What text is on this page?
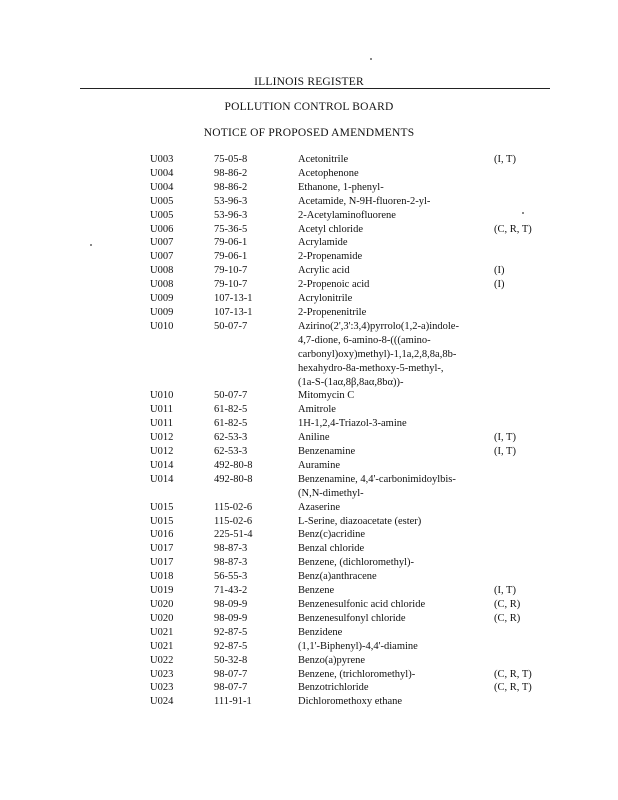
ILLINOIS REGISTER
POLLUTION CONTROL BOARD
NOTICE OF PROPOSED AMENDMENTS
U003	75-05-8	Acetonitrile	(I, T)
U004	98-86-2	Acetophenone	
U004	98-86-2	Ethanone, 1-phenyl-	
U005	53-96-3	Acetamide, N-9H-fluoren-2-yl-	
U005	53-96-3	2-Acetylaminofluorene	
U006	75-36-5	Acetyl chloride	(C, R, T)
U007	79-06-1	Acrylamide	
U007	79-06-1	2-Propenamide	
U008	79-10-7	Acrylic acid	(I)
U008	79-10-7	2-Propenoic acid	(I)
U009	107-13-1	Acrylonitrile	
U009	107-13-1	2-Propenenitrile	
U010	50-07-7	Azirino(2',3':3,4)pyrrolo(1,2-a)indole-	
		4,7-dione, 6-amino-8-(((amino-	
		carbonyl)oxy)methyl)-1,1a,2,8,8a,8b-	
		hexahydro-8a-methoxy-5-methyl-,	
		(1a-S-(1aα,8β,8aα,8bα))-	
U010	50-07-7	Mitomycin C	
U011	61-82-5	Amitrole	
U011	61-82-5	1H-1,2,4-Triazol-3-amine	
U012	62-53-3	Aniline	(I, T)
U012	62-53-3	Benzenamine	(I, T)
U014	492-80-8	Auramine	
U014	492-80-8	Benzenamine, 4,4'-carbonimidoylbis-	
		(N,N-dimethyl-	
U015	115-02-6	Azaserine	
U015	115-02-6	L-Serine, diazoacetate (ester)	
U016	225-51-4	Benz(c)acridine	
U017	98-87-3	Benzal chloride	
U017	98-87-3	Benzene, (dichloromethyl)-	
U018	56-55-3	Benz(a)anthracene	
U019	71-43-2	Benzene	(I, T)
U020	98-09-9	Benzenesulfonic acid chloride	(C, R)
U020	98-09-9	Benzenesulfonyl chloride	(C, R)
U021	92-87-5	Benzidene	
U021	92-87-5	(1,1'-Biphenyl)-4,4'-diamine	
U022	50-32-8	Benzo(a)pyrene	
U023	98-07-7	Benzene, (trichloromethyl)-	(C, R, T)
U023	98-07-7	Benzotrichloride	(C, R, T)
U024	111-91-1	Dichloromethoxy ethane	
